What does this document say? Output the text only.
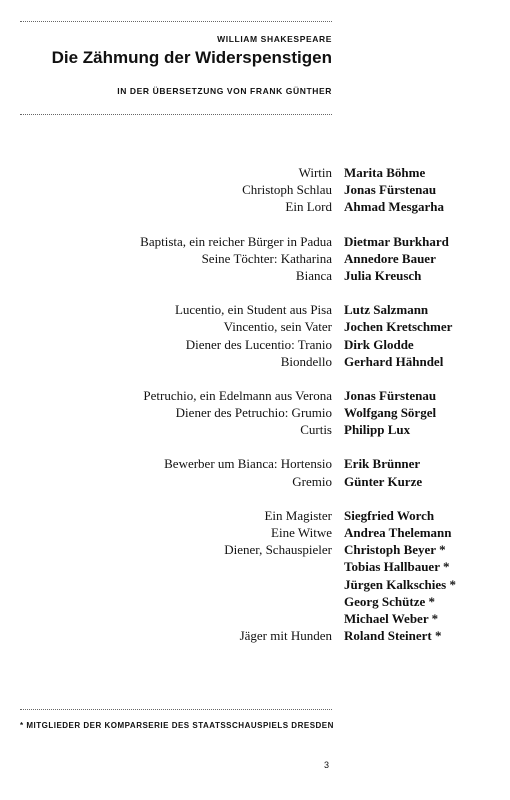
WILLIAM SHAKESPEARE
Die Zähmung der Widerspenstigen
IN DER ÜBERSETZUNG VON FRANK GÜNTHER
Wirtin Marita Böhme
Christoph Schlau Jonas Fürstenau
Ein Lord Ahmad Mesgarha
Baptista, ein reicher Bürger in Padua Dietmar Burkhard
Seine Töchter: Katharina Annedore Bauer
Bianca Julia Kreusch
Lucentio, ein Student aus Pisa Lutz Salzmann
Vincentio, sein Vater Jochen Kretschmer
Diener des Lucentio: Tranio Dirk Glodde
Biondello Gerhard Hähndel
Petruchio, ein Edelmann aus Verona Jonas Fürstenau
Diener des Petruchio: Grumio Wolfgang Sörgel
Curtis Philipp Lux
Bewerber um Bianca: Hortensio Erik Brünner
Gremio Günter Kurze
Ein Magister Siegfried Worch
Eine Witwe Andrea Thelemann
Diener, Schauspieler Christoph Beyer *
Tobias Hallbauer *
Jürgen Kalkschies *
Georg Schütze *
Michael Weber *
Jäger mit Hunden Roland Steinert *
* MITGLIEDER DER KOMPARSERIE DES STAATSSCHAUSPIELS DRESDEN
3
